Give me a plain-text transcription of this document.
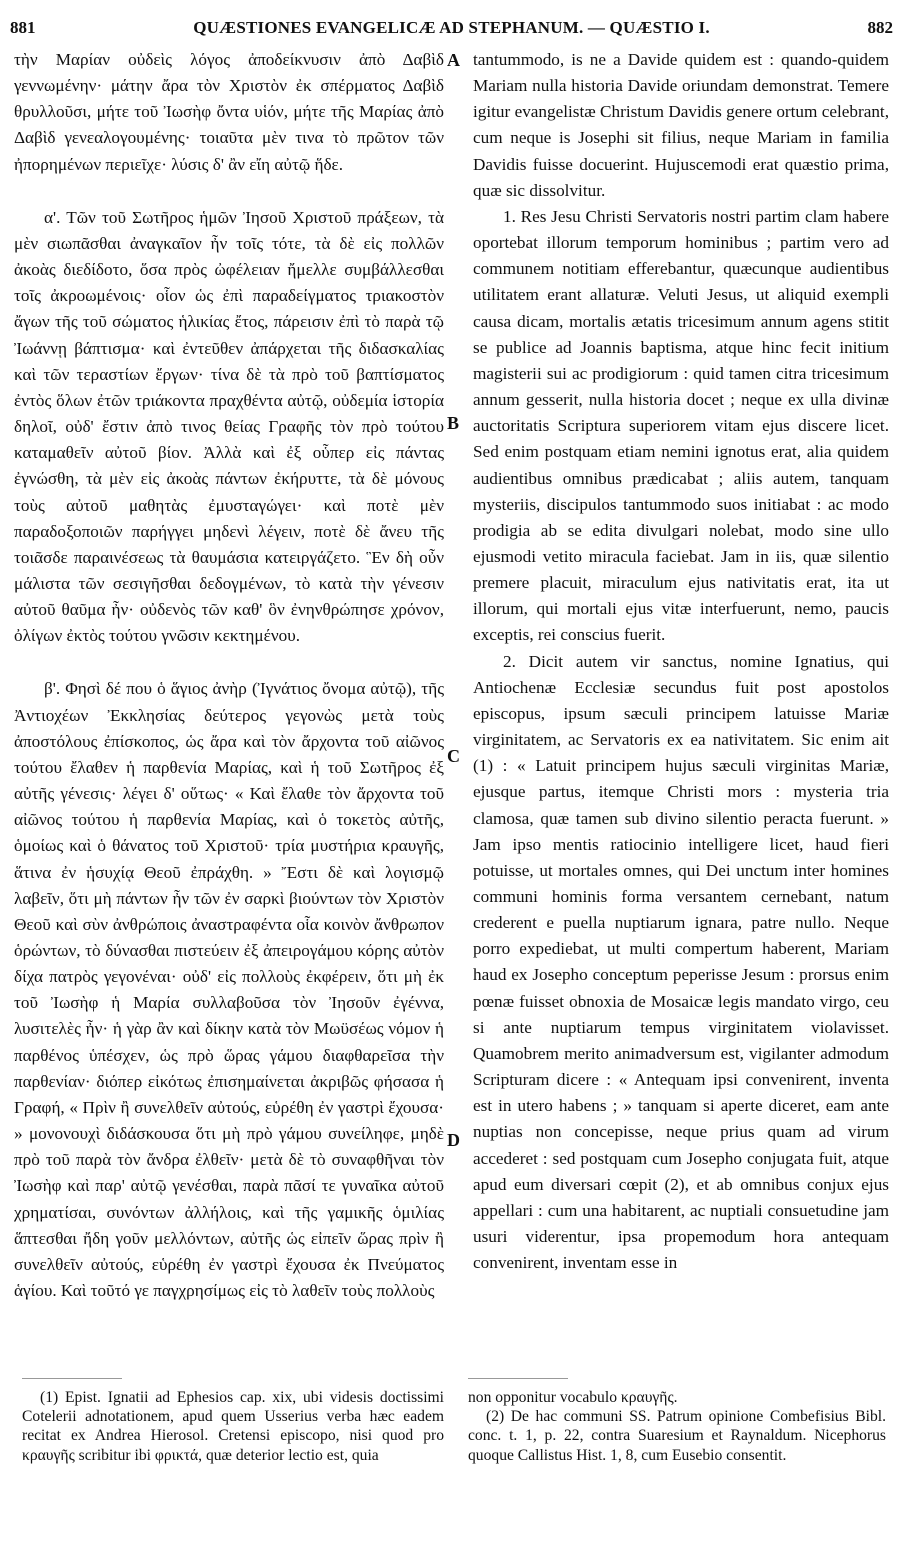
881	QUÆSTIONES EVANGELICÆ AD STEPHANUM. — QUÆSTIO I.	882

τὴν Μαρίαν οὐδεὶς λόγος ἀποδείκνυσιν ἀπὸ Δαβὶδ γεννωμένην· μάτην ἄρα τὸν Χριστὸν ἐκ σπέρματος Δαβὶδ θρυλλοῦσι, μήτε τοῦ Ἰωσὴφ ὄντα υἱόν, μήτε τῆς Μαρίας ἀπὸ Δαβὶδ γενεαλογουμένης· τοιαῦτα μὲν τινα τὸ πρῶτον τῶν ἠπορημένων περιεῖχε· λύσις δ' ἂν εἴη αὐτῷ ἥδε.

α'. Τῶν τοῦ Σωτῆρος ἡμῶν Ἰησοῦ Χριστοῦ πράξεων, τὰ μὲν σιωπᾶσθαι ἀναγκαῖον ἦν τοῖς τότε, τὰ δὲ εἰς πολλῶν ἀκοὰς διεδίδοτο, ὅσα πρὸς ὠφέλειαν ἤμελλε συμβάλλεσθαι τοῖς ἀκροωμένοις· οἷον ὡς ἐπὶ παραδείγματος τριακοστὸν ἄγων τῆς τοῦ σώματος ἡλικίας ἔτος, πάρεισιν ἐπὶ τὸ παρὰ τῷ Ἰωάννῃ βάπτισμα· καὶ ἐντεῦθεν ἀπάρχεται τῆς διδασκαλίας καὶ τῶν τεραστίων ἔργων· τίνα δὲ τὰ πρὸ τοῦ βαπτίσματος ἐντὸς ὅλων ἐτῶν τριάκοντα πραχθέντα αὐτῷ, οὐδεμία ἱστορία δηλοῖ, οὐδ' ἔστιν ἀπὸ τινος θείας Γραφῆς τὸν πρὸ τούτου καταμαθεῖν αὐτοῦ βίον. Ἀλλὰ καὶ ἐξ οὗπερ εἰς πάντας ἐγνώσθη, τὰ μὲν εἰς ἀκοὰς πάντων ἐκήρυττε, τὰ δὲ μόνους τοὺς αὐτοῦ μαθητὰς ἐμυσταγώγει· καὶ ποτὲ μὲν παραδοξοποιῶν παρήγγει μηδενὶ λέγειν, ποτὲ δὲ ἄνευ τῆς τοιᾶσδε παραινέσεως τὰ θαυμάσια κατειργάζετο. Ἓν δὴ οὖν μάλιστα τῶν σεσιγῆσθαι δεδογμένων, τὸ κατὰ τὴν γένεσιν αὐτοῦ θαῦμα ἦν· οὐδενὸς τῶν καθ' ὃν ἐνηνθρώπησε χρόνον, ὀλίγων ἐκτὸς τούτου γνῶσιν κεκτημένου.

β'. Φησὶ δέ που ὁ ἅγιος ἀνὴρ (Ἰγνάτιος ὄνομα αὐτῷ), τῆς Ἀντιοχέων Ἐκκλησίας δεύτερος γεγονὼς μετὰ τοὺς ἀποστόλους ἐπίσκοπος, ὡς ἄρα καὶ τὸν ἄρχοντα τοῦ αἰῶνος τούτου ἔλαθεν ἡ παρθενία Μαρίας, καὶ ἡ τοῦ Σωτῆρος ἐξ αὐτῆς γένεσις· λέγει δ' οὕτως· « Καὶ ἔλαθε τὸν ἄρχοντα τοῦ αἰῶνος τούτου ἡ παρθενία Μαρίας, καὶ ὁ τοκετὸς αὐτῆς, ὁμοίως καὶ ὁ θάνατος τοῦ Χριστοῦ· τρία μυστήρια κραυγῆς, ἅτινα ἐν ἡσυχίᾳ Θεοῦ ἐπράχθη. » Ἔστι δὲ καὶ λογισμῷ λαβεῖν, ὅτι μὴ πάντων ἦν τῶν ἐν σαρκὶ βιούντων τὸν Χριστὸν Θεοῦ καὶ σὺν ἀνθρώποις ἀναστραφέντα οἷα κοινὸν ἄνθρωπον ὁρώντων, τὸ δύνασθαι πιστεύειν ἐξ ἀπειρογάμου κόρης αὐτὸν δίχα πατρὸς γεγονέναι· οὐδ' εἰς πολλοὺς ἐκφέρειν, ὅτι μὴ ἐκ τοῦ Ἰωσὴφ ἡ Μαρία συλλαβοῦσα τὸν Ἰησοῦν ἐγέννα, λυσιτελὲς ἦν· ἡ γὰρ ἂν καὶ δίκην κατὰ τὸν Μωϋσέως νόμον ἡ παρθένος ὑπέσχεν, ὡς πρὸ ὥρας γάμου διαφθαρεῖσα τὴν παρθενίαν· διόπερ εἰκότως ἐπισημαίνεται ἀκριβῶς φήσασα ἡ Γραφή, « Πρὶν ἢ συνελθεῖν αὐτούς, εὑρέθη ἐν γαστρὶ ἔχουσα· » μονονουχὶ διδάσκουσα ὅτι μὴ πρὸ γάμου συνείληφε, μηδὲ πρὸ τοῦ παρὰ τὸν ἄνδρα ἐλθεῖν· μετὰ δὲ τὸ συναφθῆναι τὸν Ἰωσὴφ καὶ παρ' αὐτῷ γενέσθαι, παρὰ πᾶσί τε γυναῖκα αὐτοῦ χρηματίσαι, συνόντων ἀλλήλοις, καὶ τῆς γαμικῆς ὁμιλίας ἅπτεσθαι ἤδη γοῦν μελλόντων, αὐτῆς ὡς εἰπεῖν ὥρας πρὶν ἢ συνελθεῖν αὐτούς, εὑρέθη ἐν γαστρὶ ἔχουσα ἐκ Πνεύματος ἁγίου. Καὶ τοῦτό γε παγχρησίμως εἰς τὸ λαθεῖν τοὺς πολλοὺς

A
B
C
D

tantummodo, is ne a Davide quidem est : quando-quidem Mariam nulla historia Davide oriundam demonstrat. Temere igitur evangelistæ Christum Davidis genere ortum celebrant, cum neque is Josephi sit filius, neque Mariam in familia Davidis fuisse docuerint. Hujuscemodi erat quæstio prima, quæ sic dissolvitur.

1. Res Jesu Christi Servatoris nostri partim clam habere oportebat illorum temporum hominibus ; partim vero ad communem notitiam efferebantur, quæcunque audientibus utilitatem erant allaturæ. Veluti Jesus, ut aliquid exempli causa dicam, mortalis ætatis tricesimum annum agens stitit se publice ad Joannis baptisma, atque hinc fecit initium magisterii sui ac prodigiorum : quid tamen citra tricesimum annum gesserit, nulla historia docet ; neque ex ulla divinæ auctoritatis Scriptura superiorem vitam ejus discere licet. Sed enim postquam etiam nemini ignotus erat, alia quidem audientibus omnibus prædicabat ; aliis autem, tanquam mysteriis, discipulos tantummodo suos initiabat : ac modo prodigia ab se edita divulgari nolebat, modo sine ullo ejusmodi vetito miracula faciebat. Jam in iis, quæ silentio premere placuit, miraculum ejus nativitatis erat, ita ut illorum, qui mortali ejus vitæ interfuerunt, nemo, paucis exceptis, rei conscius fuerit.

2. Dicit autem vir sanctus, nomine Ignatius, qui Antiochenæ Ecclesiæ secundus fuit post apostolos episcopus, ipsum sæculi principem latuisse Mariæ virginitatem, ac Servatoris ex ea nativitatem. Sic enim ait (1) : « Latuit principem hujus sæculi virginitas Mariæ, ejusque partus, itemque Christi mors : mysteria tria clamosa, quæ tamen sub divino silentio peracta fuerunt. » Jam ipso mentis ratiocinio intelligere licet, haud fieri potuisse, ut mortales omnes, qui Dei unctum inter homines communi hominis forma versantem cernebant, natum crederent e puella nuptiarum ignara, patre nullo. Neque porro expediebat, ut multi compertum haberent, Mariam haud ex Josepho conceptum peperisse Jesum : prorsus enim pœnæ fuisset obnoxia de Mosaicæ legis mandato virgo, ceu si ante nuptiarum tempus virginitatem violavisset. Quamobrem merito animadversum est, vigilanter admodum Scripturam dicere : « Antequam ipsi convenirent, inventa est in utero habens ; » tanquam si aperte diceret, eam ante nuptias non concepisse, neque prius quam ad virum accederet : sed postquam cum Josepho conjugata fuit, atque apud eum diversari cœpit (2), et ab omnibus conjux ejus appellari : cum una habitarent, ac nuptiali consuetudine jam usuri viderentur, ipsa propemodum hora antequam convenirent, inventam esse in

(1) Epist. Ignatii ad Ephesios cap. xix, ubi videsis doctissimi Cotelerii adnotationem, apud quem Usserius verba hæc eadem recitat ex Andrea Hierosol. Cretensi episcopo, nisi quod pro κραυγῆς scribitur ibi φρικτά, quæ deterior lectio est, quia

non opponitur vocabulo κραυγῆς.

(2) De hac communi SS. Patrum opinione Combefisius Bibl. conc. t. 1, p. 22, contra Suaresium et Raynaldum. Nicephorus quoque Callistus Hist. 1, 8, cum Eusebio consentit.
